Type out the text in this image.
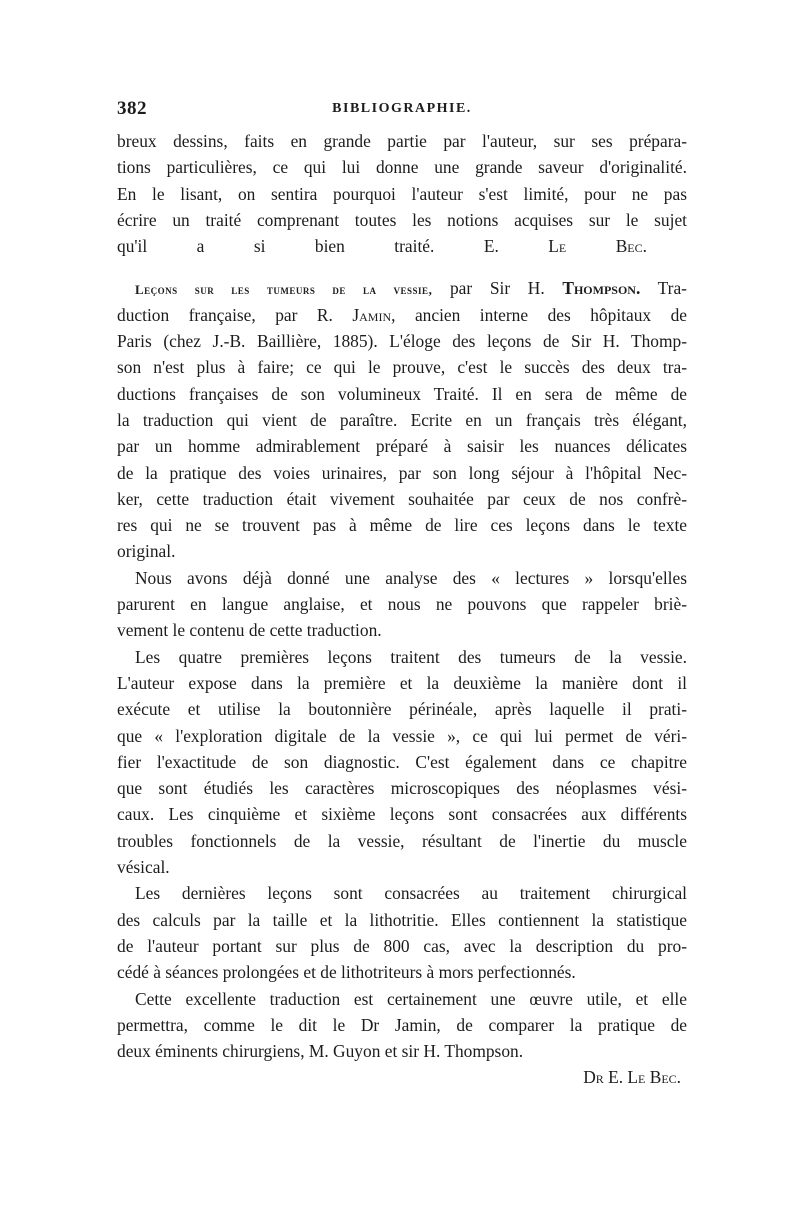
382	BIBLIOGRAPHIE.
breux dessins, faits en grande partie par l'auteur, sur ses prépara-
tions particulières, ce qui lui donne une grande saveur d'originalité.
En le lisant, on sentira pourquoi l'auteur s'est limité, pour ne pas
écrire un traité comprenant toutes les notions acquises sur le sujet
qu'il a si bien traité.	E. Le Bec.
Leçons sur les tumeurs de la vessie, par Sir H. Thompson. Tra-
duction française, par R. Jamin, ancien interne des hôpitaux de
Paris (chez J.-B. Baillière, 1885). L'éloge des leçons de Sir H. Thomp-
son n'est plus à faire; ce qui le prouve, c'est le succès des deux tra-
ductions françaises de son volumineux Traité. Il en sera de même de
la traduction qui vient de paraître. Ecrite en un français très élégant,
par un homme admirablement préparé à saisir les nuances délicates
de la pratique des voies urinaires, par son long séjour à l'hôpital Nec-
ker, cette traduction était vivement souhaitée par ceux de nos confrè-
res qui ne se trouvent pas à même de lire ces leçons dans le texte
original.
Nous avons déjà donné une analyse des « lectures » lorsqu'elles
parurent en langue anglaise, et nous ne pouvons que rappeler briè-
vement le contenu de cette traduction.
Les quatre premières leçons traitent des tumeurs de la vessie.
L'auteur expose dans la première et la deuxième la manière dont il
exécute et utilise la boutonnière périnéale, après laquelle il prati-
que « l'exploration digitale de la vessie », ce qui lui permet de véri-
fier l'exactitude de son diagnostic. C'est également dans ce chapitre
que sont étudiés les caractères microscopiques des néoplasmes vési-
caux. Les cinquième et sixième leçons sont consacrées aux différents
troubles fonctionnels de la vessie, résultant de l'inertie du muscle
vésical.
Les dernières leçons sont consacrées au traitement chirurgical
des calculs par la taille et la lithotritie. Elles contiennent la statistique
de l'auteur portant sur plus de 800 cas, avec la description du pro-
cédé à séances prolongées et de lithotriteurs à mors perfectionnés.
Cette excellente traduction est certainement une œuvre utile, et elle
permettra, comme le dit le Dr Jamin, de comparer la pratique de
deux éminents chirurgiens, M. Guyon et sir H. Thompson.
Dr E. Le Bec.
